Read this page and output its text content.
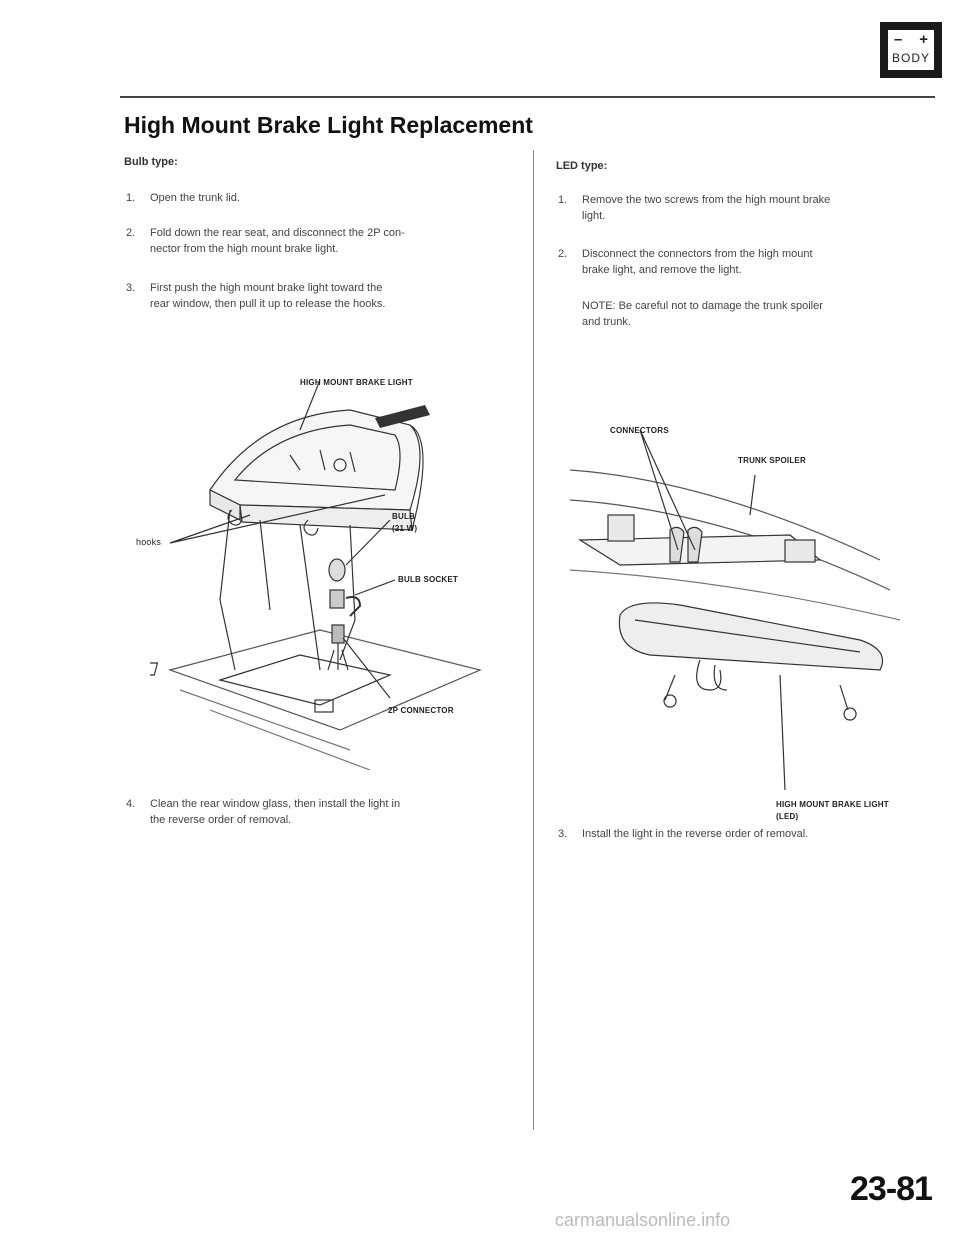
– +
BODY
High Mount Brake Light Replacement
Bulb type:
1. Open the trunk lid.
2. Fold down the rear seat, and disconnect the 2P con-
nector from the high mount brake light.
3. First push the high mount brake light toward the
rear window, then pull it up to release the hooks.
HIGH MOUNT BRAKE LIGHT
hooks
BULB
(21 W)
BULB SOCKET
2P CONNECTOR
4. Clean the rear window glass, then install the light in
the reverse order of removal.
LED type:
1. Remove the two screws from the high mount brake
light.
2. Disconnect the connectors from the high mount
brake light, and remove the light.
NOTE: Be careful not to damage the trunk spoiler
and trunk.
CONNECTORS
TRUNK SPOILER
HIGH MOUNT BRAKE LIGHT
(LED)
3. Install the light in the reverse order of removal.
23-81
carmanualsonline.info
